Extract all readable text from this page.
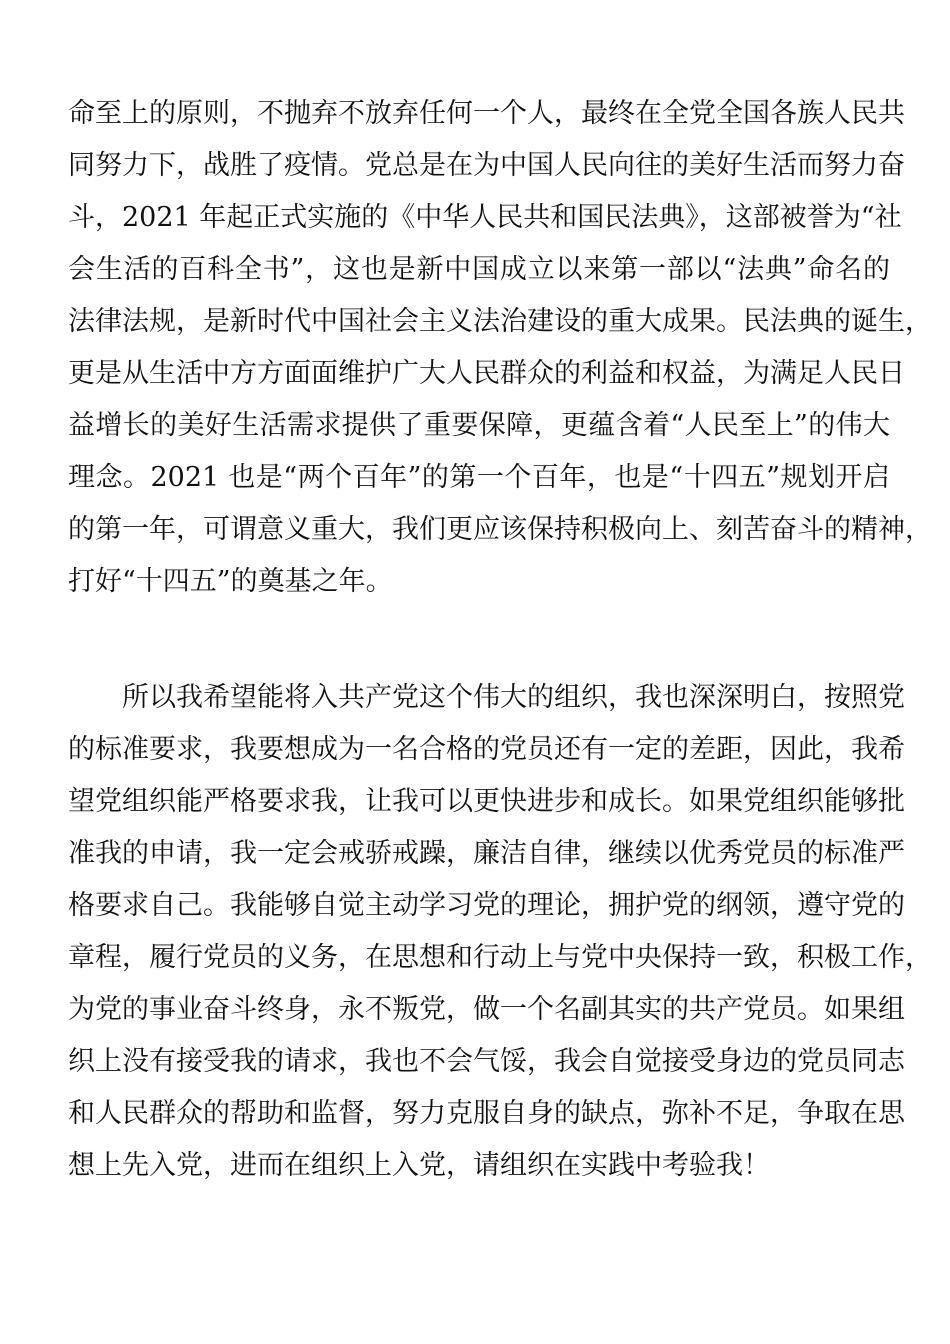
命至上的原则，不抛弃不放弃任何一个人，最终在全党全国各族人民共
同努力下，战胜了疫情。党总是在为中国人民向往的美好生活而努力奋
斗，2021 年起正式实施的《中华人民共和国民法典》，这部被誉为“社
会生活的百科全书”，这也是新中国成立以来第一部以“法典”命名的
法律法规，是新时代中国社会主义法治建设的重大成果。民法典的诞生，
更是从生活中方方面面维护广大人民群众的利益和权益，为满足人民日
益增长的美好生活需求提供了重要保障，更蕴含着“人民至上”的伟大
理念。2021 也是“两个百年”的第一个百年，也是“十四五”规划开启
的第一年，可谓意义重大，我们更应该保持积极向上、刻苦奋斗的精神，
打好“十四五”的奠基之年。
所以我希望能将入共产党这个伟大的组织，我也深深明白，按照党
的标准要求，我要想成为一名合格的党员还有一定的差距，因此，我希
望党组织能严格要求我，让我可以更快进步和成长。如果党组织能够批
准我的申请，我一定会戒骄戒躁，廉洁自律，继续以优秀党员的标准严
格要求自己。我能够自觉主动学习党的理论，拥护党的纲领，遵守党的
章程，履行党员的义务，在思想和行动上与党中央保持一致，积极工作，
为党的事业奋斗终身，永不叛党，做一个名副其实的共产党员。如果组
织上没有接受我的请求，我也不会气馁，我会自觉接受身边的党员同志
和人民群众的帮助和监督，努力克服自身的缺点，弥补不足，争取在思
想上先入党，进而在组织上入党，请组织在实践中考验我！
